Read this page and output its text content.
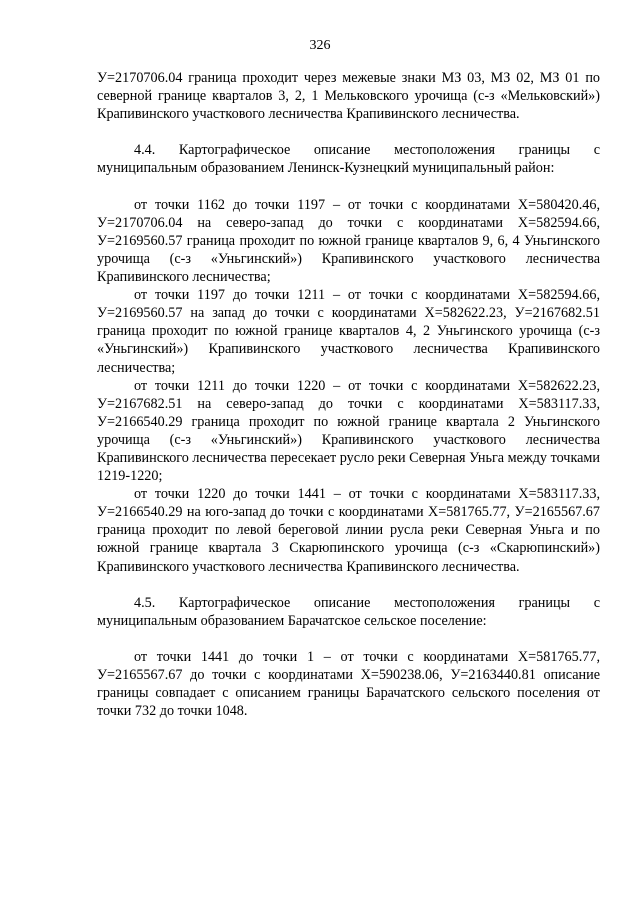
326

У=2170706.04 граница проходит через межевые знаки МЗ 03, МЗ 02, МЗ 01 по северной границе кварталов 3, 2, 1 Мельковского урочища (с-з «Мельковский») Крапивинского участкового лесничества Крапивинского лесничества.

4.4. Картографическое описание местоположения границы с муниципальным образованием Ленинск-Кузнецкий муниципальный район:

от точки 1162 до точки 1197 – от точки с координатами Х=580420.46, У=2170706.04 на северо-запад до точки с координатами Х=582594.66, У=2169560.57 граница проходит по южной границе кварталов 9, 6, 4 Уньгинского урочища (с-з «Уньгинский») Крапивинского участкового лесничества Крапивинского лесничества;

от точки 1197 до точки 1211 – от точки с координатами Х=582594.66, У=2169560.57 на запад до точки с координатами Х=582622.23, У=2167682.51 граница проходит по южной границе кварталов 4, 2 Уньгинского урочища (с-з «Уньгинский») Крапивинского участкового лесничества Крапивинского лесничества;

от точки 1211 до точки 1220 – от точки с координатами Х=582622.23, У=2167682.51 на северо-запад до точки с координатами Х=583117.33, У=2166540.29 граница проходит по южной границе квартала 2 Уньгинского урочища (с-з «Уньгинский») Крапивинского участкового лесничества Крапивинского лесничества пересекает русло реки Северная Уньга между точками 1219-1220;

от точки 1220 до точки 1441 – от точки с координатами Х=583117.33, У=2166540.29 на юго-запад до точки с координатами Х=581765.77, У=2165567.67 граница проходит по левой береговой линии русла реки Северная Уньга и по южной границе квартала 3 Скарюпинского урочища (с-з «Скарюпинский») Крапивинского участкового лесничества Крапивинского лесничества.

4.5. Картографическое описание местоположения границы с муниципальным образованием Барачатское сельское поселение:

от точки 1441 до точки 1 – от точки с координатами Х=581765.77, У=2165567.67 до точки с координатами Х=590238.06, У=2163440.81 описание границы совпадает с описанием границы Барачатского сельского поселения от точки 732 до точки 1048.
